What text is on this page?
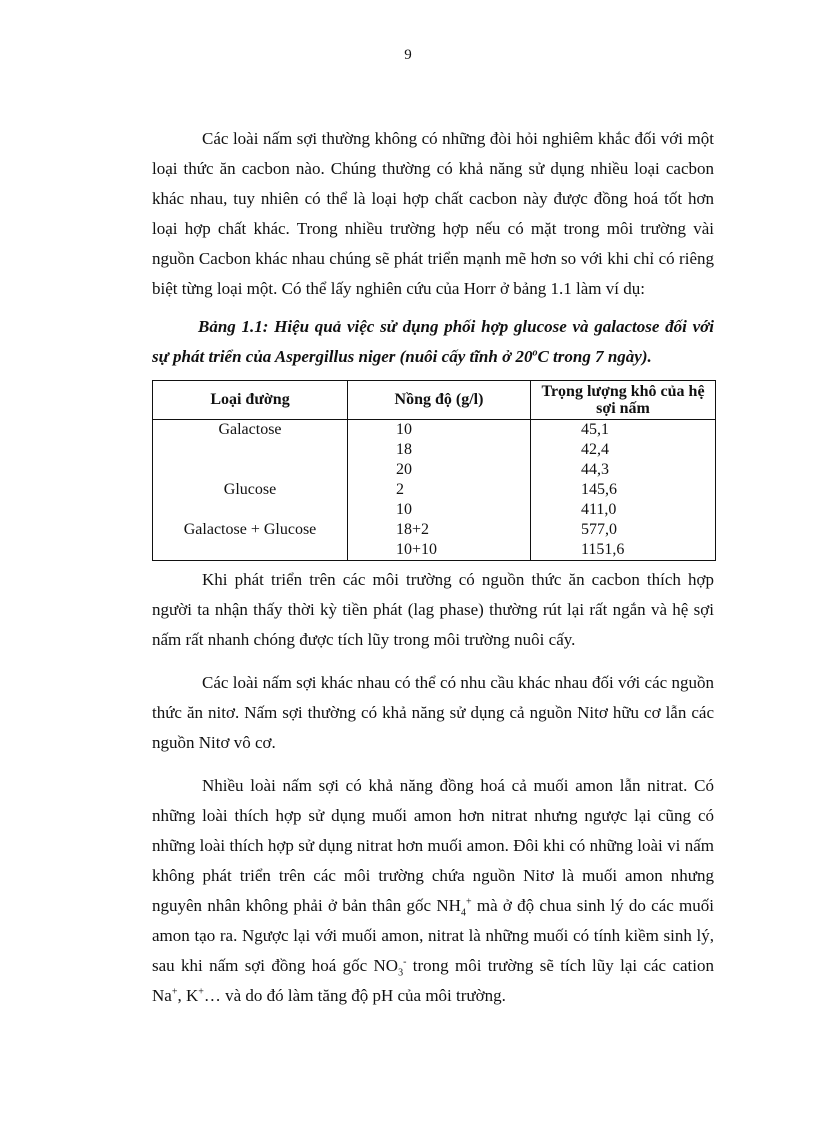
9

Các loài nấm sợi thường không có những đòi hỏi nghiêm khắc đối với một loại thức ăn cacbon nào. Chúng thường có khả năng sử dụng nhiều loại cacbon khác nhau, tuy nhiên có thể là loại hợp chất cacbon này được đồng hoá tốt hơn loại hợp chất khác. Trong nhiều trường hợp nếu có mặt trong môi trường vài nguồn Cacbon khác nhau chúng sẽ phát triển mạnh mẽ hơn so với khi chỉ có riêng biệt từng loại một. Có thể lấy nghiên cứu của Horr ở bảng 1.1 làm ví dụ:

Bảng 1.1: Hiệu quả việc sử dụng phối hợp glucose và galactose đối với sự phát triển của Aspergillus niger (nuôi cấy tĩnh ở 20$^o$C trong 7 ngày).

Loại đường	Nồng độ (g/l)	Trọng lượng khô của hệ sợi nấm
Galactose	10	45,1
	18	42,4
	20	44,3
Glucose	2	145,6
	10	411,0
Galactose + Glucose	18+2	577,0
	10+10	1151,6

Khi phát triển trên các môi trường có nguồn thức ăn cacbon thích hợp người ta nhận thấy thời kỳ tiền phát (lag phase) thường rút lại rất ngắn và hệ sợi nấm rất nhanh chóng được tích lũy trong môi trường nuôi cấy.

Các loài nấm sợi khác nhau có thể có nhu cầu khác nhau đối với các nguồn thức ăn nitơ. Nấm sợi thường có khả năng sử dụng cả nguồn Nitơ hữu cơ lẫn các nguồn Nitơ vô cơ.

Nhiều loài nấm sợi có khả năng đồng hoá cả muối amon lẫn nitrat. Có những loài thích hợp sử dụng muối amon hơn nitrat nhưng ngược lại cũng có những loài thích hợp sử dụng nitrat hơn muối amon. Đôi khi có những loài vi nấm không phát triển trên các môi trường chứa nguồn Nitơ là muối amon nhưng nguyên nhân không phải ở bản thân gốc $NH_4^+$ mà ở độ chua sinh lý do các muối amon tạo ra. Ngược lại với muối amon, nitrat là những muối có tính kiềm sinh lý, sau khi nấm sợi đồng hoá gốc $NO_3^-$ trong môi trường sẽ tích lũy lại các cation Na+, K+… và do đó làm tăng độ pH của môi trường.
